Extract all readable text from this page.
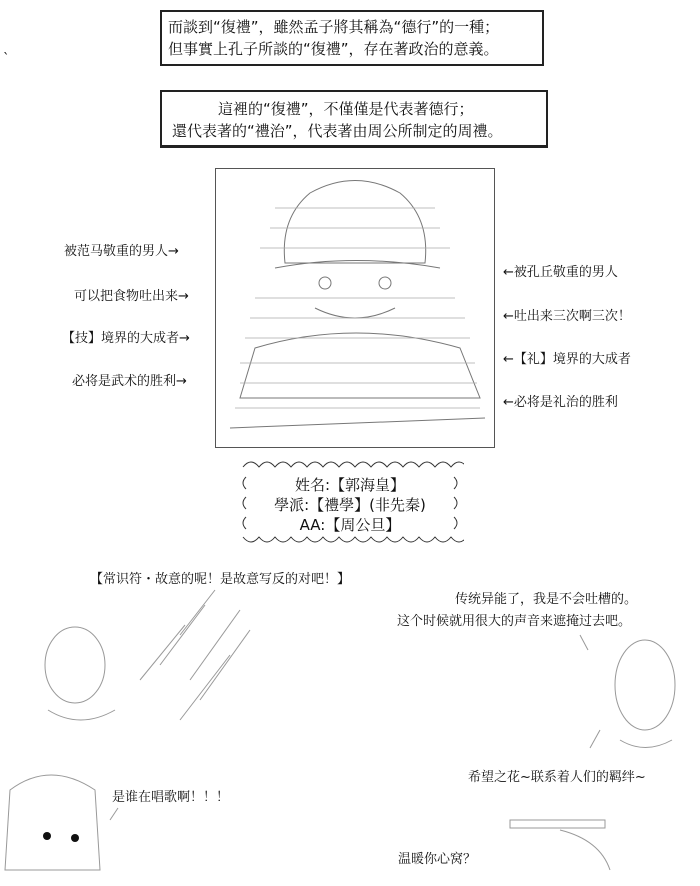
而談到“復禮”，雖然孟子將其稱為“德行”的一種；
但事實上孔子所談的“復禮”，存在著政治的意義。
這裡的“復禮”，不僅僅是代表著德行；
還代表著的“禮治”，代表著由周公所制定的周禮。
被范马敬重的男人→
可以把食物吐出来→
【技】境界的大成者→
必将是武术的胜利→
←被孔丘敬重的男人
←吐出来三次啊三次！
←【礼】境界的大成者
←必将是礼治的胜利
姓名:【郭海皇】
學派:【禮學】(非先秦)
AA:【周公旦】
【常识符・故意的呢！是故意写反的对吧！】
传统异能了，我是不会吐槽的。
这个时候就用很大的声音来遮掩过去吧。
希望之花~联系着人们的羁绊~
是谁在唱歌啊！！！
温暖你心窝？
`
